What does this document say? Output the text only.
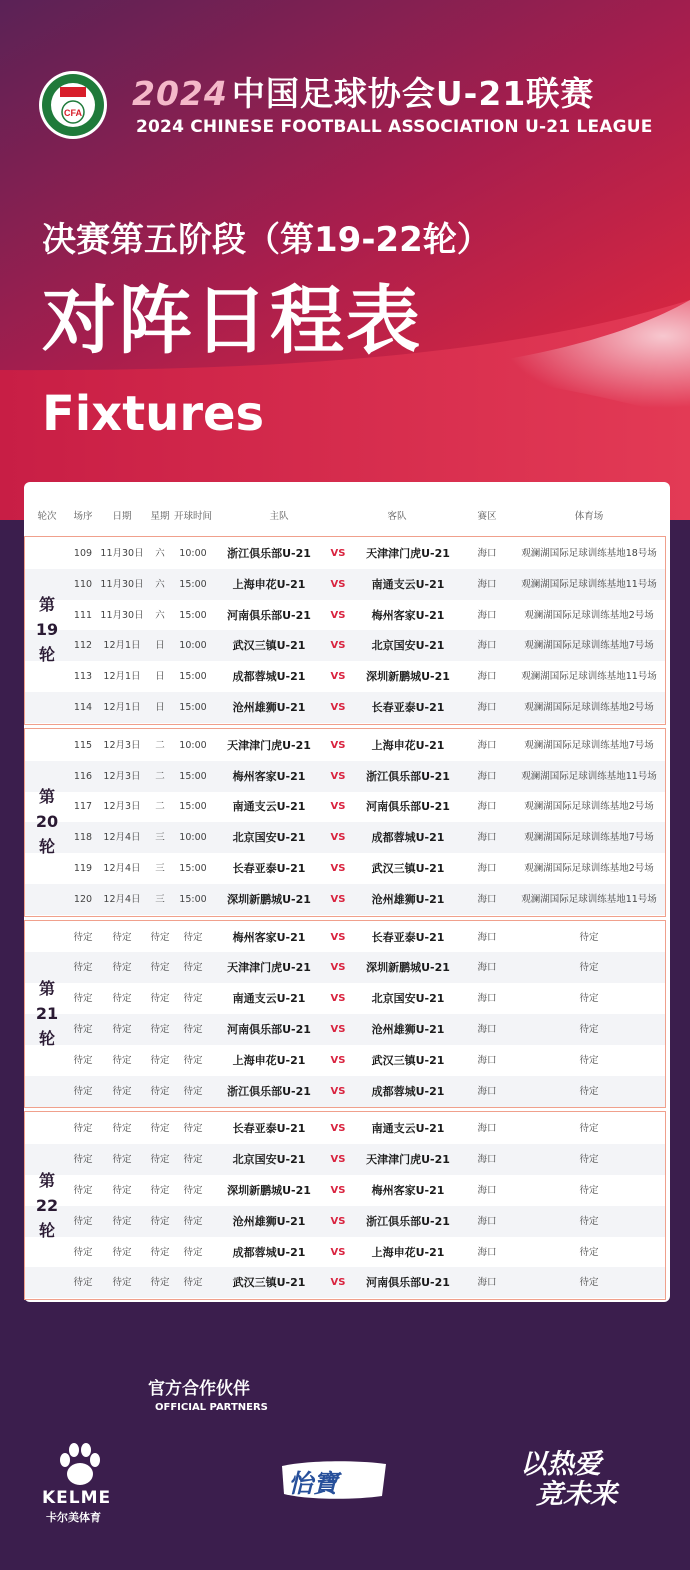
CFA 2024 中国足球协会U-21联赛
2024 CHINESE FOOTBALL ASSOCIATION U-21 LEAGUE
决赛第五阶段（第19-22轮）
对阵日程表
Fixtures
轮次 场序 日期 星期 开球时间	主队	客队	赛区	体育场
109 11月30日 六 10:00 浙江俱乐部U-21 VS 天津津门虎U-21	海口	观澜湖国际足球训练基地18号场
110 11月30日 六 15:00 上海申花U-21	VS 南通支云U-21	海口	观澜湖国际足球训练基地11号场
111 11月30日 六 15:00 河南俱乐部U-21 VS 梅州客家U-21	海口	观澜湖国际足球训练基地2号场
112 12月1日 日 10:00 武汉三镇U-21	VS 北京国安U-21	海口	观澜湖国际足球训练基地7号场
113 12月1日 日 15:00 成都蓉城U-21	VS 深圳新鹏城U-21	海口	观澜湖国际足球训练基地11号场
114 12月1日 日 15:00 沧州雄狮U-21	VS 长春亚泰U-21	海口	观澜湖国际足球训练基地2号场
第
19
轮
115 12月3日 二 10:00 天津津门虎U-21 VS 上海申花U-21	海口	观澜湖国际足球训练基地7号场
116 12月3日 二 15:00 梅州客家U-21	VS 浙江俱乐部U-21	海口	观澜湖国际足球训练基地11号场
117 12月3日 二 15:00 南通支云U-21	VS 河南俱乐部U-21	海口	观澜湖国际足球训练基地2号场
118 12月4日 三 10:00 北京国安U-21	VS 成都蓉城U-21	海口	观澜湖国际足球训练基地7号场
119 12月4日 三 15:00 长春亚泰U-21	VS 武汉三镇U-21	海口	观澜湖国际足球训练基地2号场
120 12月4日 三 15:00 深圳新鹏城U-21 VS 沧州雄狮U-21	海口	观澜湖国际足球训练基地11号场
第
20
轮
待定 待定 待定 待定	梅州客家U-21	VS 长春亚泰U-21	海口	待定
待定 待定 待定 待定 天津津门虎U-21 VS 深圳新鹏城U-21	海口	待定
待定 待定 待定 待定	南通支云U-21	VS 北京国安U-21	海口	待定
待定 待定 待定 待定 河南俱乐部U-21 VS 沧州雄狮U-21	海口	待定
待定 待定 待定 待定	上海申花U-21	VS 武汉三镇U-21	海口	待定
待定 待定 待定 待定 浙江俱乐部U-21 VS 成都蓉城U-21	海口	待定
第
21
轮
待定 待定 待定 待定	长春亚泰U-21	VS 南通支云U-21	海口	待定
待定 待定 待定 待定	北京国安U-21	VS 天津津门虎U-21	海口	待定
待定 待定 待定 待定 深圳新鹏城U-21 VS 梅州客家U-21	海口	待定
待定 待定 待定 待定	沧州雄狮U-21	VS 浙江俱乐部U-21	海口	待定
待定 待定 待定 待定	成都蓉城U-21	VS 上海申花U-21	海口	待定
待定 待定 待定 待定	武汉三镇U-21	VS 河南俱乐部U-21	海口	待定
第
22
轮
官方合作伙伴
OFFICIAL PARTNERS
KELME
卡尔美体育
怡寶
以热爱
竞未来
